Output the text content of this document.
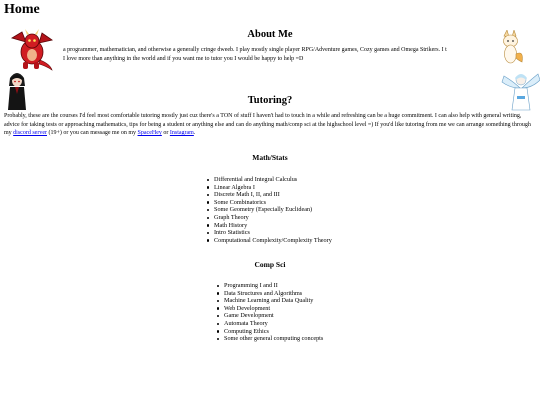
Home
About Me
a programmer, mathematician, and otherwise a generally cringe dweeb. I play mostly single player RPG/Adventure games, Cozy games and Omega Strikers. I t
I love more than anything in the world and if you want me to tutor you I would be happy to help =D
Tutoring?
Probably, these are the courses I'd feel most comfortable tutoring mostly just cuz there's a TON of stuff I haven't had to touch in a while and refreshing can be a huge commitment. I can also help with general writing, advice for taking tests or approaching mathematics, tips for being a student or anything else and can do anything math/comp sci at the highschool level =) If you'd like tutoring from me we can arrange something through my discord server (19+) or you can message me on my SpaceHey or Instagram.
Math/Stats
Differential and Integral Calculus
Linear Algebra I
Discrete Math I, II, and III
Some Combinatorics
Some Geometry (Especially Euclidean)
Graph Theory
Math History
Intro Statistics
Computational Complexity/Complexity Theory
Comp Sci
Programming I and II
Data Structures and Algorithms
Machine Learning and Data Quality
Web Development
Game Development
Automata Theory
Computing Ethics
Some other general computing concepts
